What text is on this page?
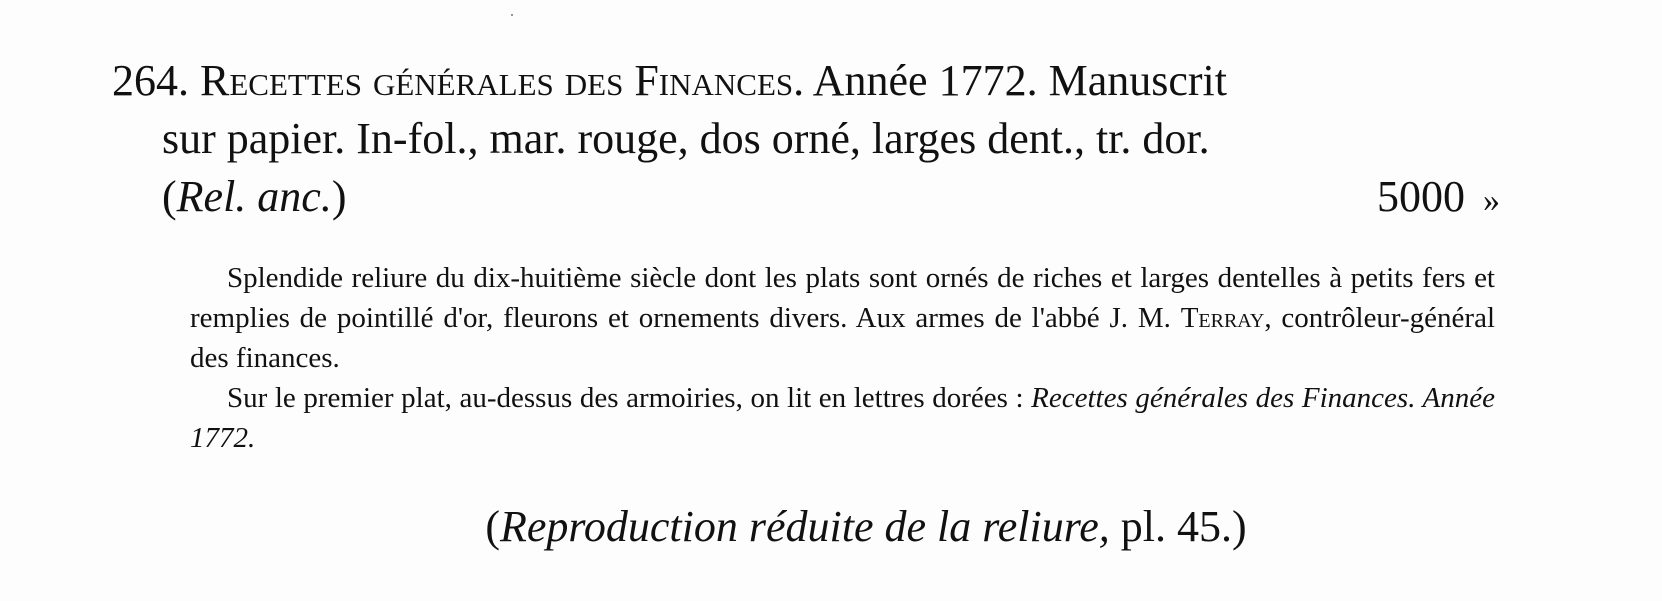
264. Recettes générales des Finances. Année 1772. Manuscrit
sur papier. In-fol., mar. rouge, dos orné, larges dent., tr. dor.
(Rel. anc.)	5000 »

Splendide reliure du dix-huitième siècle dont les plats sont ornés de riches et larges dentelles à petits fers et remplies de pointillé d'or, fleurons et ornements divers. Aux armes de l'abbé J. M. Terray, contrôleur-général des finances.

Sur le premier plat, au-dessus des armoiries, on lit en lettres dorées : Recettes générales des Finances. Année 1772.

(Reproduction réduite de la reliure, pl. 45.)
